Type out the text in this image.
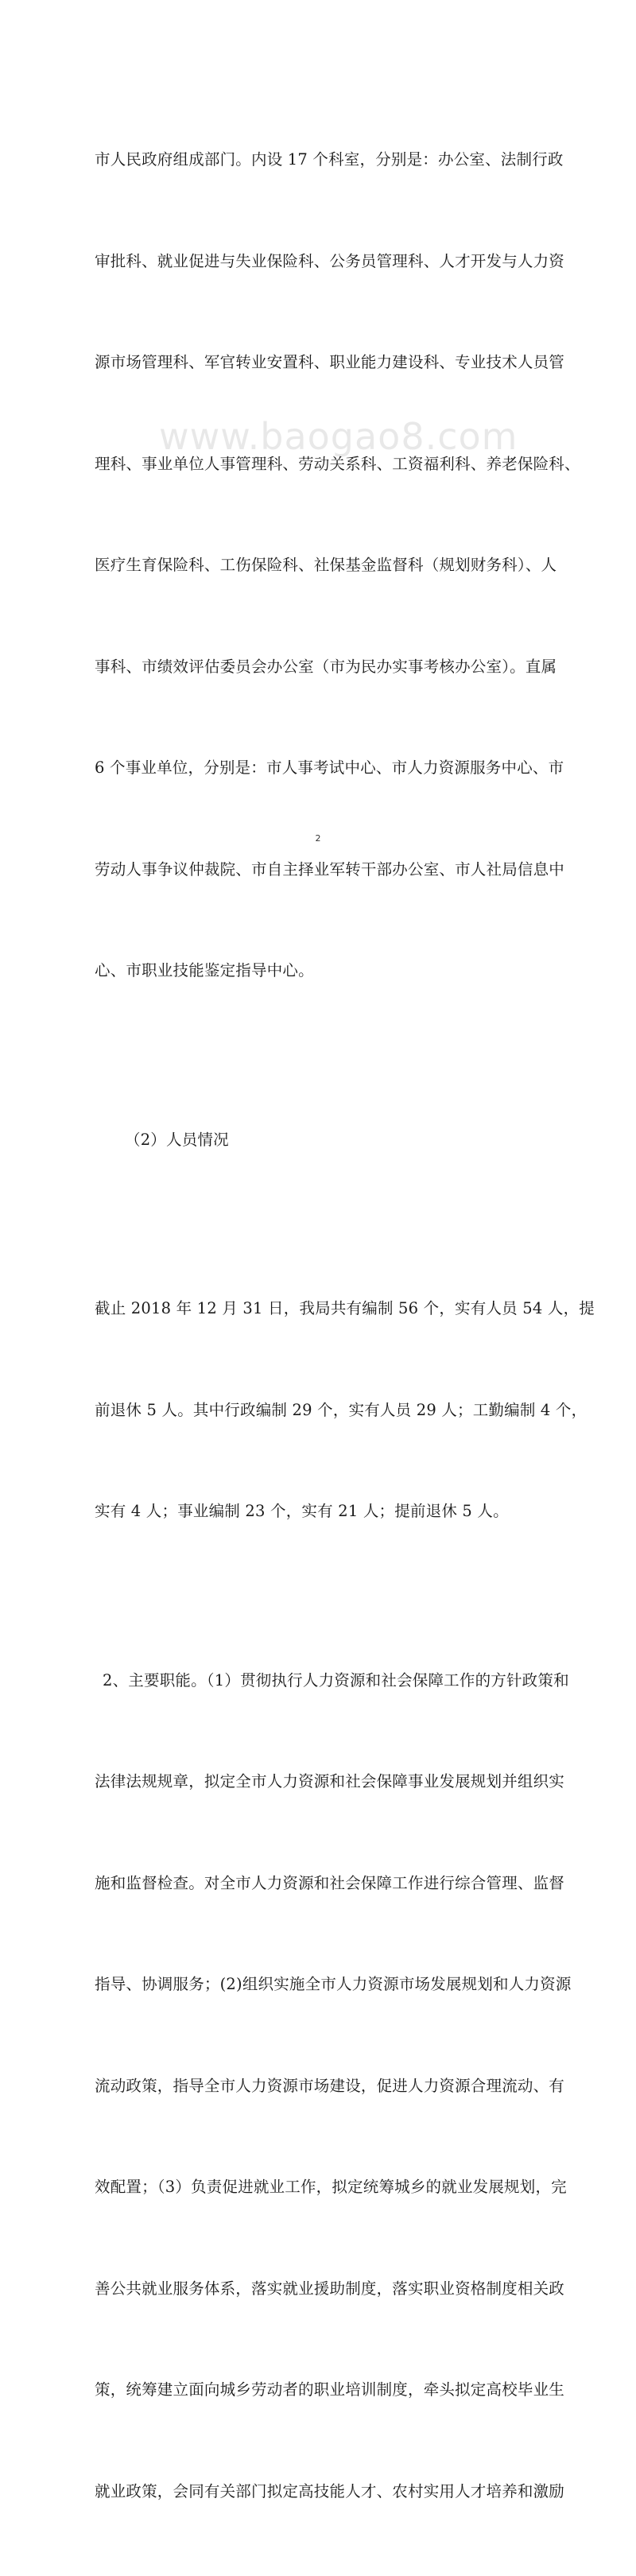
市人民政府组成部门。内设 17 个科室，分别是：办公室、法制行政

审批科、就业促进与失业保险科、公务员管理科、人才开发与人力资

源市场管理科、军官转业安置科、职业能力建设科、专业技术人员管

理科、事业单位人事管理科、劳动关系科、工资福利科、养老保险科、

医疗生育保险科、工伤保险科、社保基金监督科（规划财务科）、人

事科、市绩效评估委员会办公室（市为民办实事考核办公室）。直属

6 个事业单位，分别是：市人事考试中心、市人力资源服务中心、市

劳动人事争议仲裁院、市自主择业军转干部办公室、市人社局信息中

心、市职业技能鉴定指导中心。

（2）人员情况

截止 2018 年 12 月 31 日，我局共有编制 56 个，实有人员 54 人，提

前退休 5 人。其中行政编制 29 个，实有人员 29 人；工勤编制 4 个，

实有 4 人；事业编制 23 个，实有 21 人；提前退休 5 人。

2、主要职能。（1）贯彻执行人力资源和社会保障工作的方针政策和

法律法规规章，拟定全市人力资源和社会保障事业发展规划并组织实

施和监督检查。对全市人力资源和社会保障工作进行综合管理、监督

指导、协调服务；(2)组织实施全市人力资源市场发展规划和人力资源

流动政策，指导全市人力资源市场建设，促进人力资源合理流动、有

效配置；（3）负责促进就业工作，拟定统筹城乡的就业发展规划，完

善公共就业服务体系，落实就业援助制度，落实职业资格制度相关政

策，统筹建立面向城乡劳动者的职业培训制度，牵头拟定高校毕业生

就业政策，会同有关部门拟定高技能人才、农村实用人才培养和激励

www.baogao8.com
2
